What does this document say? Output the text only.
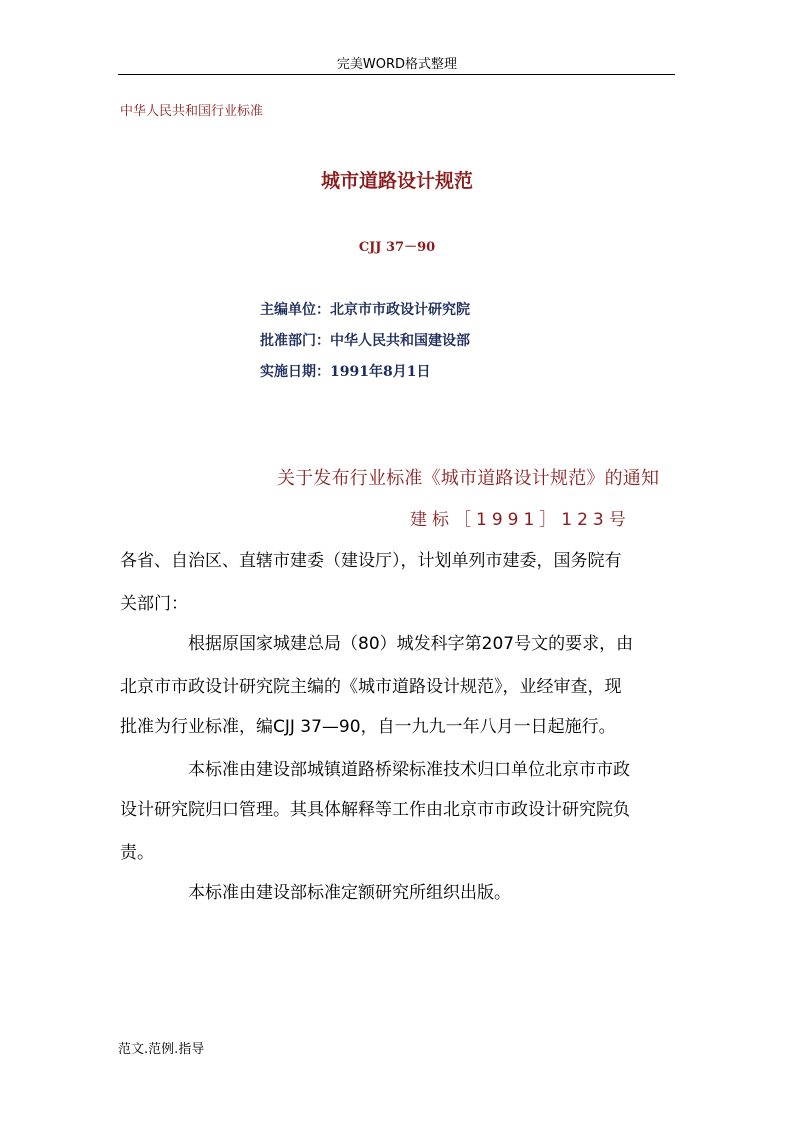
完美WORD格式整理
中华人民共和国行业标准
城市道路设计规范
CJJ 37－90
主编单位：北京市市政设计研究院
批准部门：中华人民共和国建设部
实施日期：1991年8月1日
关于发布行业标准《城市道路设计规范》的通知
建标［1991］123号
各省、自治区、直辖市建委（建设厅），计划单列市建委，国务院有
关部门：
根据原国家城建总局（80）城发科字第207号文的要求，由
北京市市政设计研究院主编的《城市道路设计规范》，业经审查，现
批准为行业标准，编CJJ 37—90，自一九九一年八月一日起施行。
本标准由建设部城镇道路桥梁标准技术归口单位北京市市政
设计研究院归口管理。其具体解释等工作由北京市市政设计研究院负
责。
本标准由建设部标准定额研究所组织出版。
范文.范例.指导
